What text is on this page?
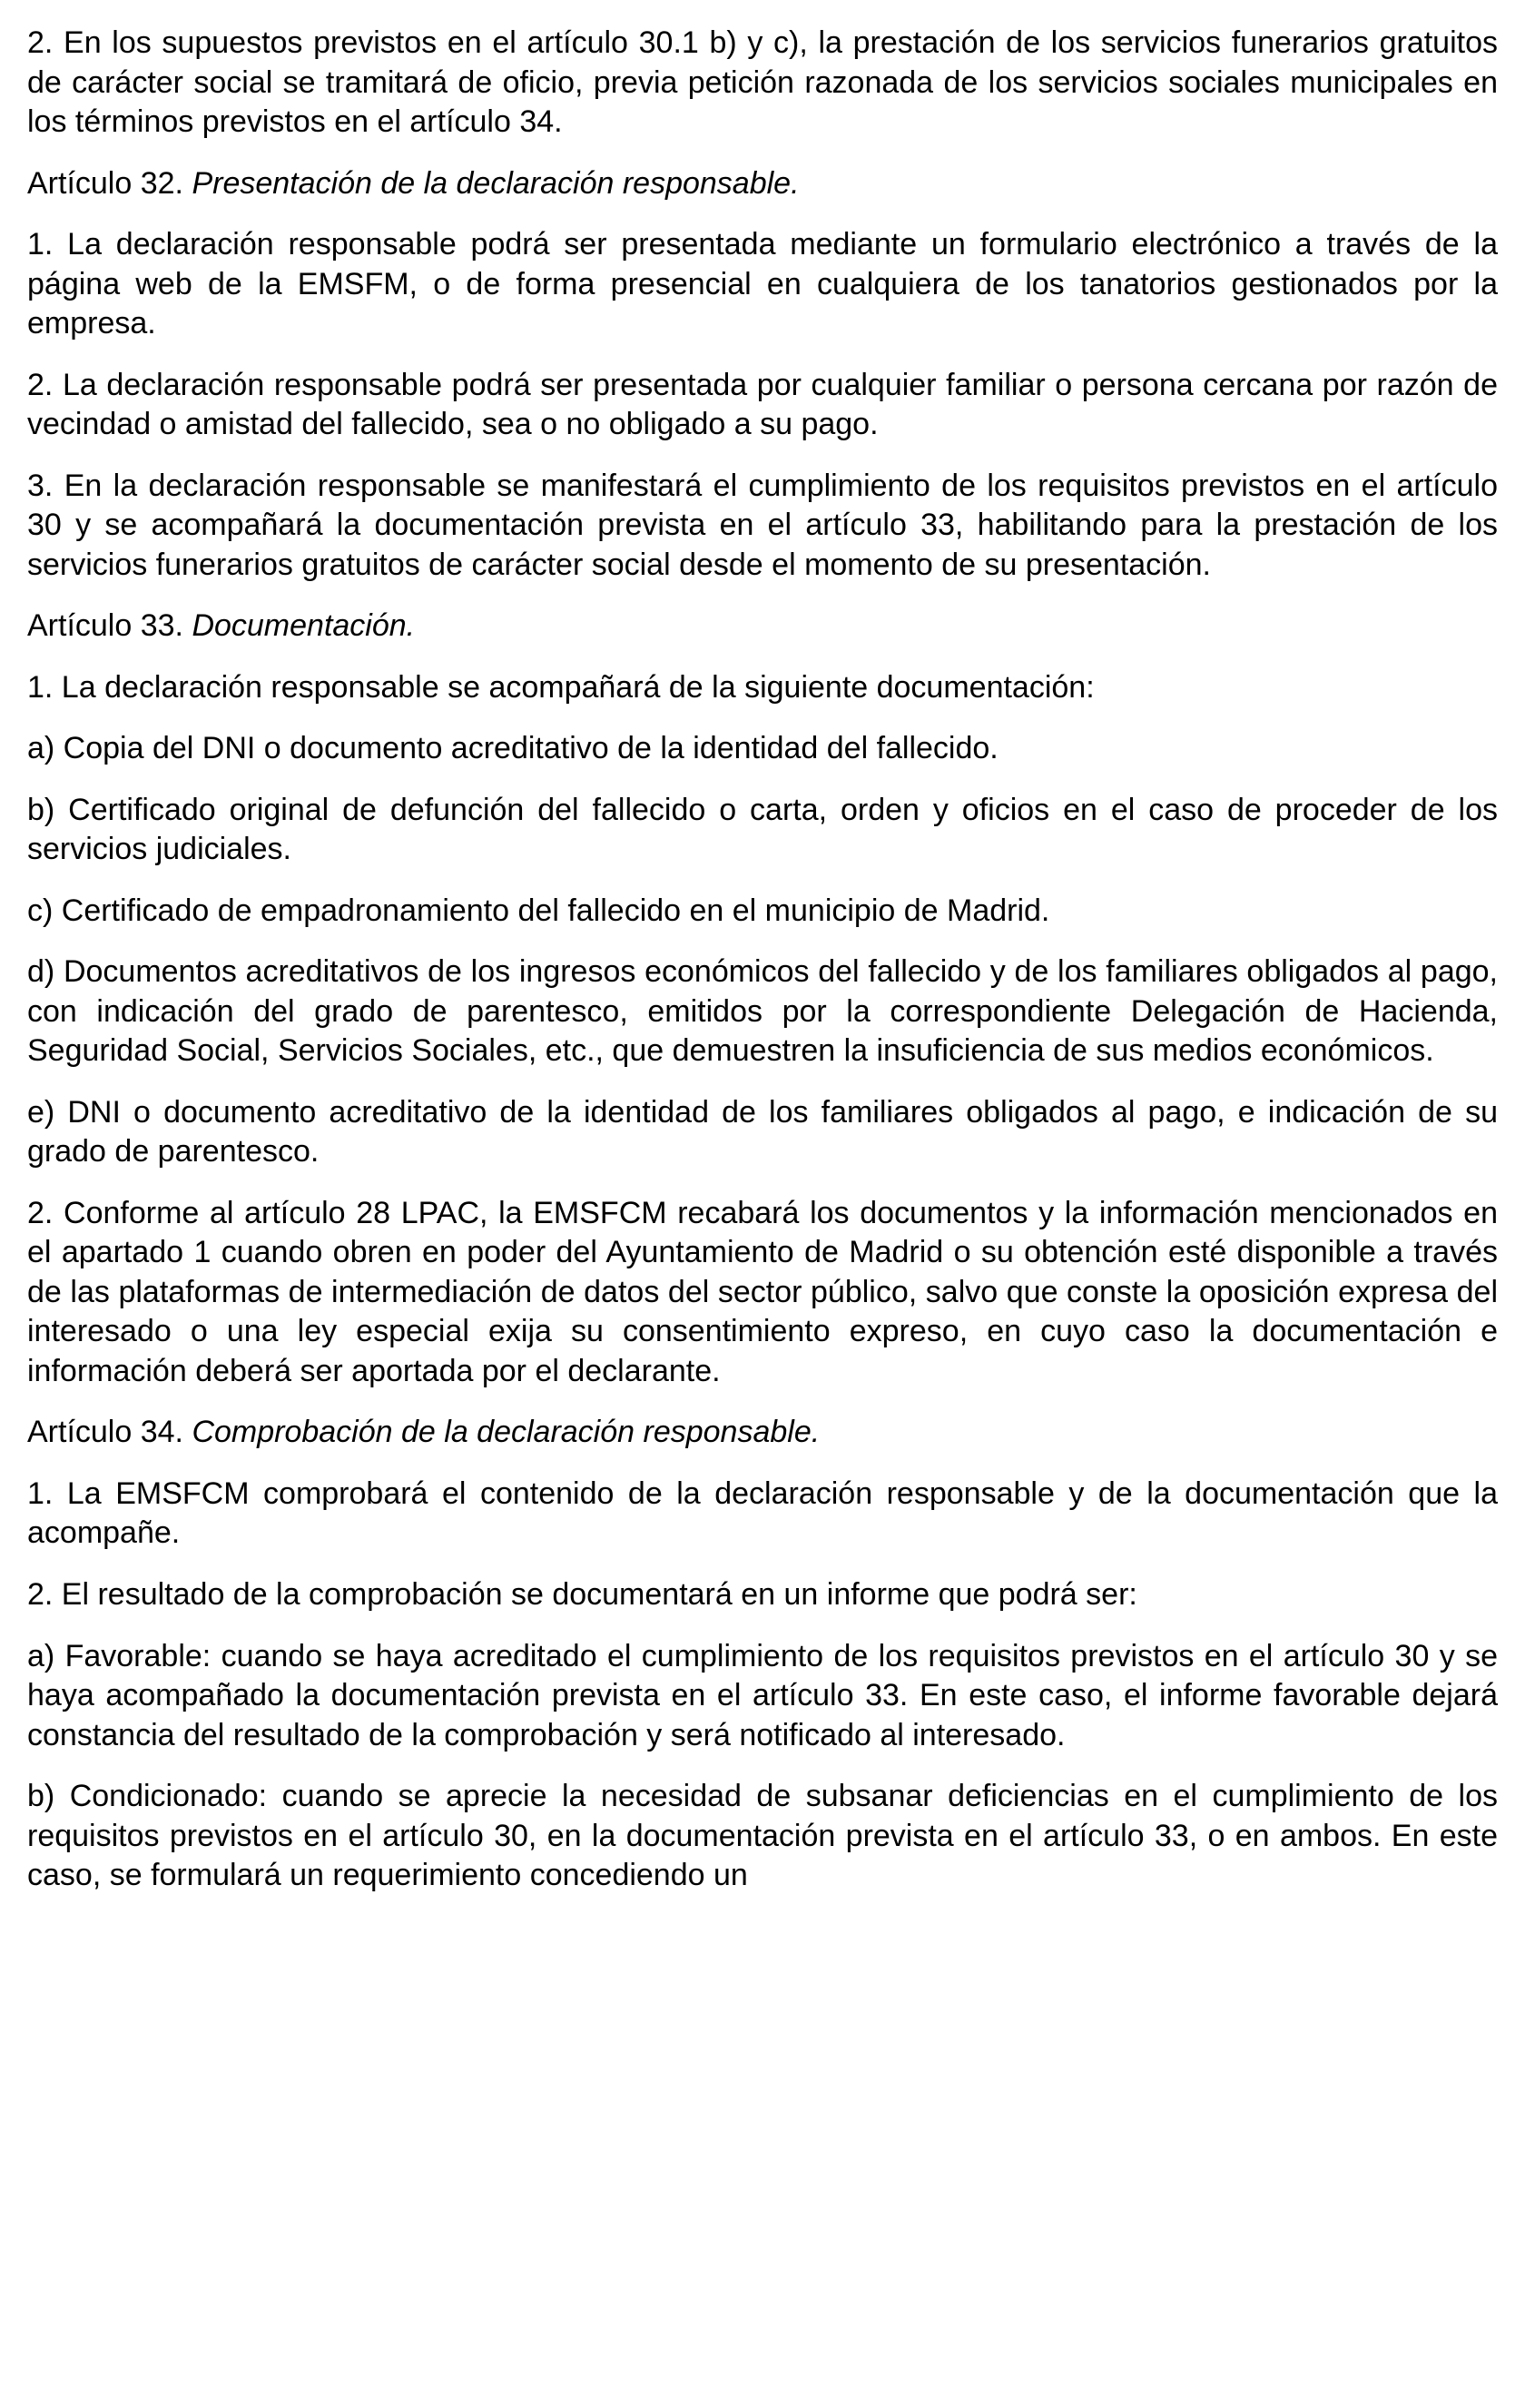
2. En los supuestos previstos en el artículo 30.1 b) y c), la prestación de los servicios funerarios gratuitos de carácter social se tramitará de oficio, previa petición razonada de los servicios sociales municipales en los términos previstos en el artículo 34.

Artículo 32. Presentación de la declaración responsable.

1. La declaración responsable podrá ser presentada mediante un formulario electrónico a través de la página web de la EMSFM, o de forma presencial en cualquiera de los tanatorios gestionados por la empresa.

2. La declaración responsable podrá ser presentada por cualquier familiar o persona cercana por razón de vecindad o amistad del fallecido, sea o no obligado a su pago.

3. En la declaración responsable se manifestará el cumplimiento de los requisitos previstos en el artículo 30 y se acompañará la documentación prevista en el artículo 33, habilitando para la prestación de los servicios funerarios gratuitos de carácter social desde el momento de su presentación.

Artículo 33. Documentación.

1. La declaración responsable se acompañará de la siguiente documentación:

a) Copia del DNI o documento acreditativo de la identidad del fallecido.

b) Certificado original de defunción del fallecido o carta, orden y oficios en el caso de proceder de los servicios judiciales.

c) Certificado de empadronamiento del fallecido en el municipio de Madrid.

d) Documentos acreditativos de los ingresos económicos del fallecido y de los familiares obligados al pago, con indicación del grado de parentesco, emitidos por la correspondiente Delegación de Hacienda, Seguridad Social, Servicios Sociales, etc., que demuestren la insuficiencia de sus medios económicos.

e) DNI o documento acreditativo de la identidad de los familiares obligados al pago, e indicación de su grado de parentesco.

2. Conforme al artículo 28 LPAC, la EMSFCM recabará los documentos y la información mencionados en el apartado 1 cuando obren en poder del Ayuntamiento de Madrid o su obtención esté disponible a través de las plataformas de intermediación de datos del sector público, salvo que conste la oposición expresa del interesado o una ley especial exija su consentimiento expreso, en cuyo caso la documentación e información deberá ser aportada por el declarante.

Artículo 34. Comprobación de la declaración responsable.

1. La EMSFCM comprobará el contenido de la declaración responsable y de la documentación que la acompañe.

2. El resultado de la comprobación se documentará en un informe que podrá ser:

a) Favorable: cuando se haya acreditado el cumplimiento de los requisitos previstos en el artículo 30 y se haya acompañado la documentación prevista en el artículo 33. En este caso, el informe favorable dejará constancia del resultado de la comprobación y será notificado al interesado.

b) Condicionado: cuando se aprecie la necesidad de subsanar deficiencias en el cumplimiento de los requisitos previstos en el artículo 30, en la documentación prevista en el artículo 33, o en ambos. En este caso, se formulará un requerimiento concediendo un
